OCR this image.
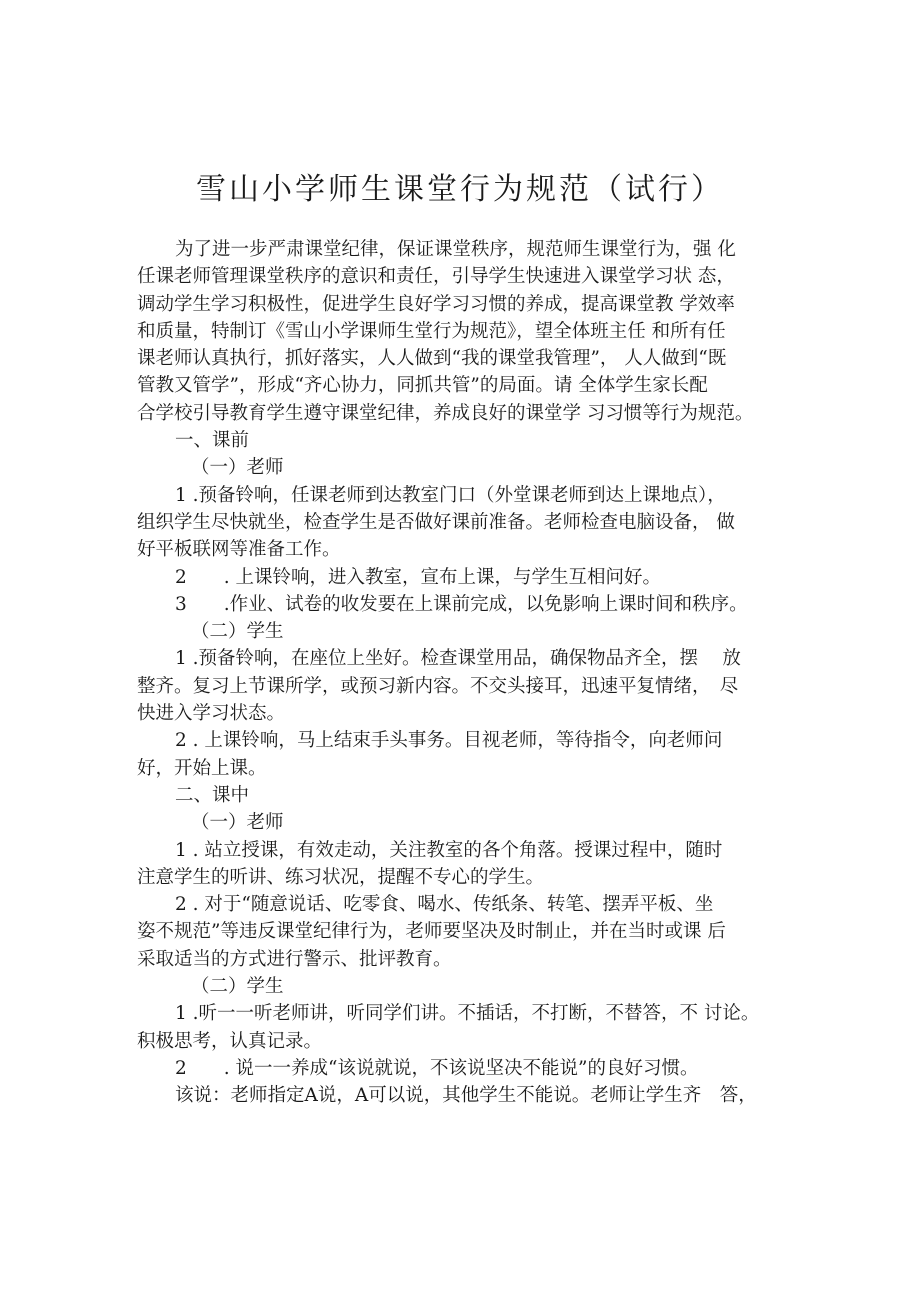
雪山小学师生课堂行为规范（试行）
为了进一步严肃课堂纪律，保证课堂秩序，规范师生课堂行为，强 化
任课老师管理课堂秩序的意识和责任，引导学生快速进入课堂学习状 态，
调动学生学习积极性，促进学生良好学习习惯的养成，提高课堂教 学效率
和质量，特制订《雪山小学课师生堂行为规范》，望全体班主任 和所有任
课老师认真执行，抓好落实，人人做到“我的课堂我管理”， 人人做到“既
管教又管学”，形成“齐心协力，同抓共管”的局面。请 全体学生家长配
合学校引导教育学生遵守课堂纪律，养成良好的课堂学 习习惯等行为规范。
一、课前
（一）老师
1 .预备铃响，任课老师到达教室门口（外堂课老师到达上课地点），
组织学生尽快就坐，检查学生是否做好课前准备。老师检查电脑设备， 做
好平板联网等准备工作。
2　　. 上课铃响，进入教室，宣布上课，与学生互相问好。
3　　.作业、试卷的收发要在上课前完成，以免影响上课时间和秩序。
（二）学生
1 .预备铃响，在座位上坐好。检查课堂用品，确保物品齐全，摆　 放
整齐。复习上节课所学，或预习新内容。不交头接耳，迅速平复情绪，　尽
快进入学习状态。
2 . 上课铃响，马上结束手头事务。目视老师，等待指令，向老师问
好，开始上课。
二、课中
（一）老师
1 . 站立授课，有效走动，关注教室的各个角落。授课过程中，随时
注意学生的听讲、练习状况，提醒不专心的学生。
2 . 对于“随意说话、吃零食、喝水、传纸条、转笔、摆弄平板、坐
姿不规范”等违反课堂纪律行为，老师要坚决及时制止，并在当时或课 后
采取适当的方式进行警示、批评教育。
（二）学生
1 .听一一听老师讲，听同学们讲。不插话，不打断，不替答，不 讨论。
积极思考，认真记录。
2　　. 说一一养成“该说就说，不该说坚决不能说”的良好习惯。
该说：老师指定A说，A可以说，其他学生不能说。老师让学生齐　答，
